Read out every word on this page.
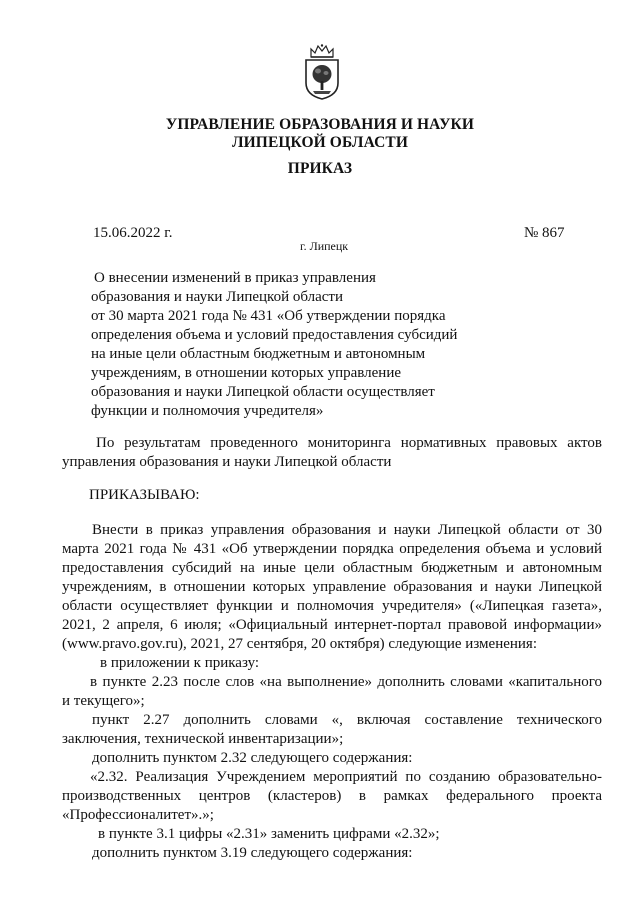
УПРАВЛЕНИЕ ОБРАЗОВАНИЯ И НАУКИ
ЛИПЕЦКОЙ ОБЛАСТИ
ПРИКАЗ
15.06.2022 г.	№ 867
г. Липецк
О внесении изменений в приказ управления
образования и науки Липецкой области
от 30 марта 2021 года № 431 «Об утверждении порядка
определения объема и условий предоставления субсидий
на иные цели областным бюджетным и автономным
учреждениям, в отношении которых управление
образования и науки Липецкой области осуществляет
функции и полномочия учредителя»
По результатам проведенного мониторинга нормативных правовых актов
управления образования и науки Липецкой области
ПРИКАЗЫВАЮ:
Внести в приказ управления образования и науки Липецкой области от 30
марта 2021 года № 431 «Об утверждении порядка определения объема и условий
предоставления субсидий на иные цели областным бюджетным и автономным
учреждениям, в отношении которых управление образования и науки Липецкой
области осуществляет функции и полномочия учредителя» («Липецкая газета»,
2021, 2 апреля, 6 июля; «Официальный интернет-портал правовой информации»
(www.pravo.gov.ru), 2021, 27 сентября, 20 октября) следующие изменения:
в приложении к приказу:
в пункте 2.23 после слов «на выполнение» дополнить словами «капитального
и текущего»;
пункт 2.27 дополнить словами «, включая составление технического
заключения, технической инвентаризации»;
дополнить пунктом 2.32 следующего содержания:
«2.32. Реализация Учреждением мероприятий по созданию образовательно-
производственных центров (кластеров) в рамках федерального проекта
«Профессионалитет».»;
в пункте 3.1 цифры «2.31» заменить цифрами «2.32»;
дополнить пунктом 3.19 следующего содержания:
